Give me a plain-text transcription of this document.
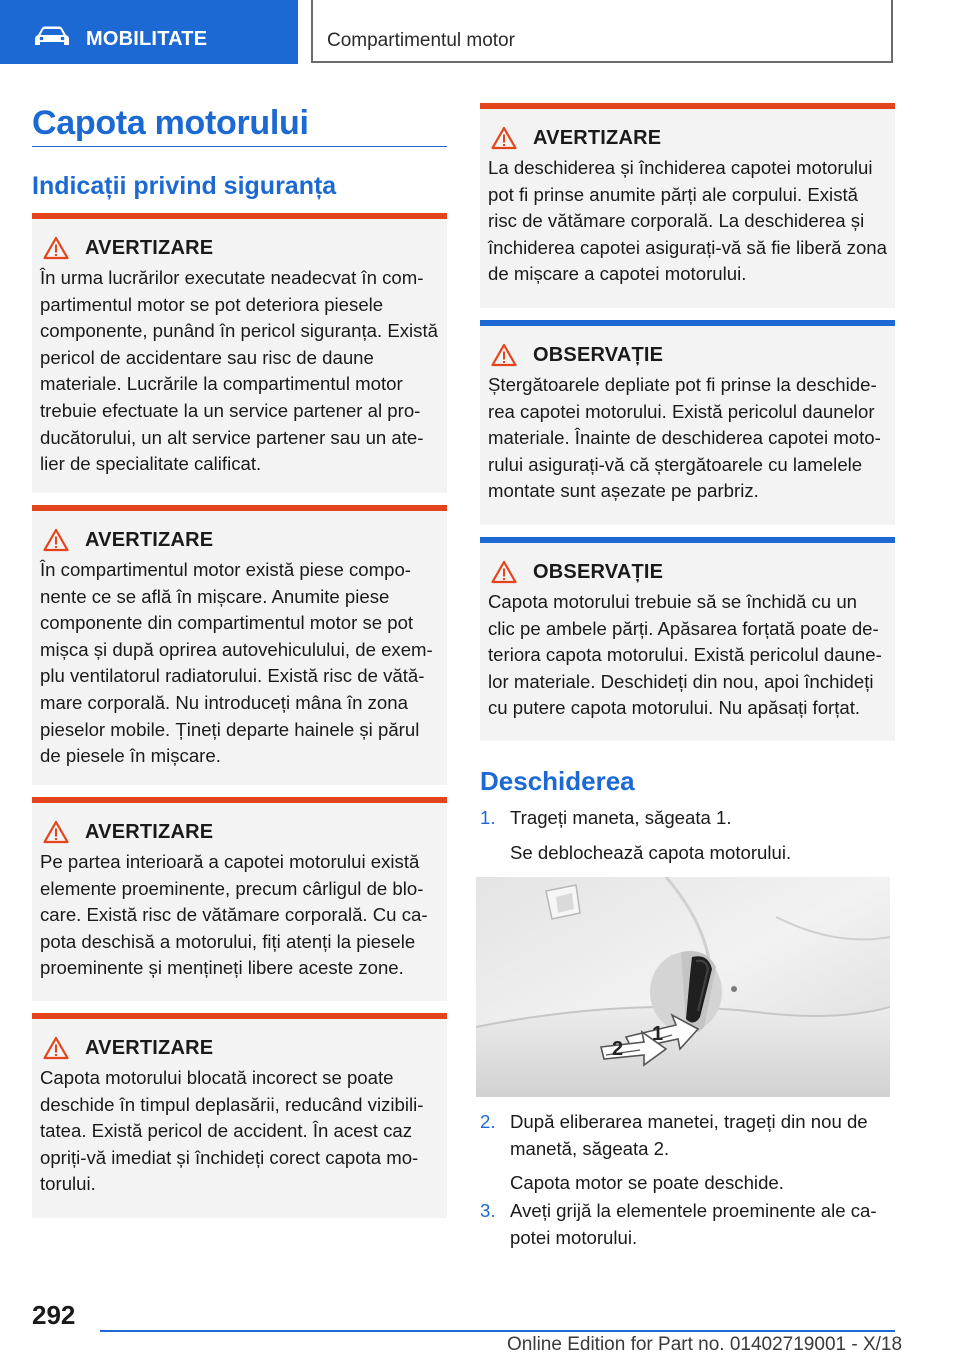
MOBILITATE	Compartimentul motor
Capota motorului
Indicații privind siguranța
AVERTIZARE
În urma lucrărilor executate neadecvat în com-partimentul motor se pot deteriora piesele componente, punând în pericol siguranța. Există pericol de accidentare sau risc de daune materiale. Lucrările la compartimentul motor trebuie efectuate la un service partener al pro-ducătorului, un alt service partener sau un ate-lier de specialitate calificat.
AVERTIZARE
În compartimentul motor există piese compo-nente ce se află în mișcare. Anumite piese componente din compartimentul motor se pot mișca și după oprirea autovehiculului, de exem-plu ventilatorul radiatorului. Există risc de vătă-mare corporală. Nu introduceți mâna în zona pieselor mobile. Țineți departe hainele și părul de piesele în mișcare.
AVERTIZARE
Pe partea interioară a capotei motorului există elemente proeminente, precum cârligul de blo-care. Există risc de vătămare corporală. Cu ca-pota deschisă a motorului, fiți atenți la piesele proeminente și mențineți libere aceste zone.
AVERTIZARE
Capota motorului blocată incorect se poate deschide în timpul deplasării, reducând vizibili-tatea. Există pericol de accident. În acest caz opriți-vă imediat și închideți corect capota mo-torului.
AVERTIZARE
La deschiderea și închiderea capotei motorului pot fi prinse anumite părți ale corpului. Există risc de vătămare corporală. La deschiderea și închiderea capotei asigurați-vă să fie liberă zona de mișcare a capotei motorului.
OBSERVAȚIE
Ștergătoarele depliate pot fi prinse la deschide-rea capotei motorului. Există pericolul daunelor materiale. Înainte de deschiderea capotei moto-rului asigurați-vă că ștergătoarele cu lamelele montate sunt așezate pe parbriz.
OBSERVAȚIE
Capota motorului trebuie să se închidă cu un clic pe ambele părți. Apăsarea forțată poate de-teriora capota motorului. Există pericolul daune-lor materiale. Deschideți din nou, apoi închideți cu putere capota motorului. Nu apăsați forțat.
Deschiderea
1. Trageți maneta, săgeata 1.
Se deblochează capota motorului.
1
2
2. După eliberarea manetei, trageți din nou de manetă, săgeata 2.
Capota motor se poate deschide.
3. Aveți grijă la elementele proeminente ale ca-potei motorului.
292
Online Edition for Part no. 01402719001 - X/18
